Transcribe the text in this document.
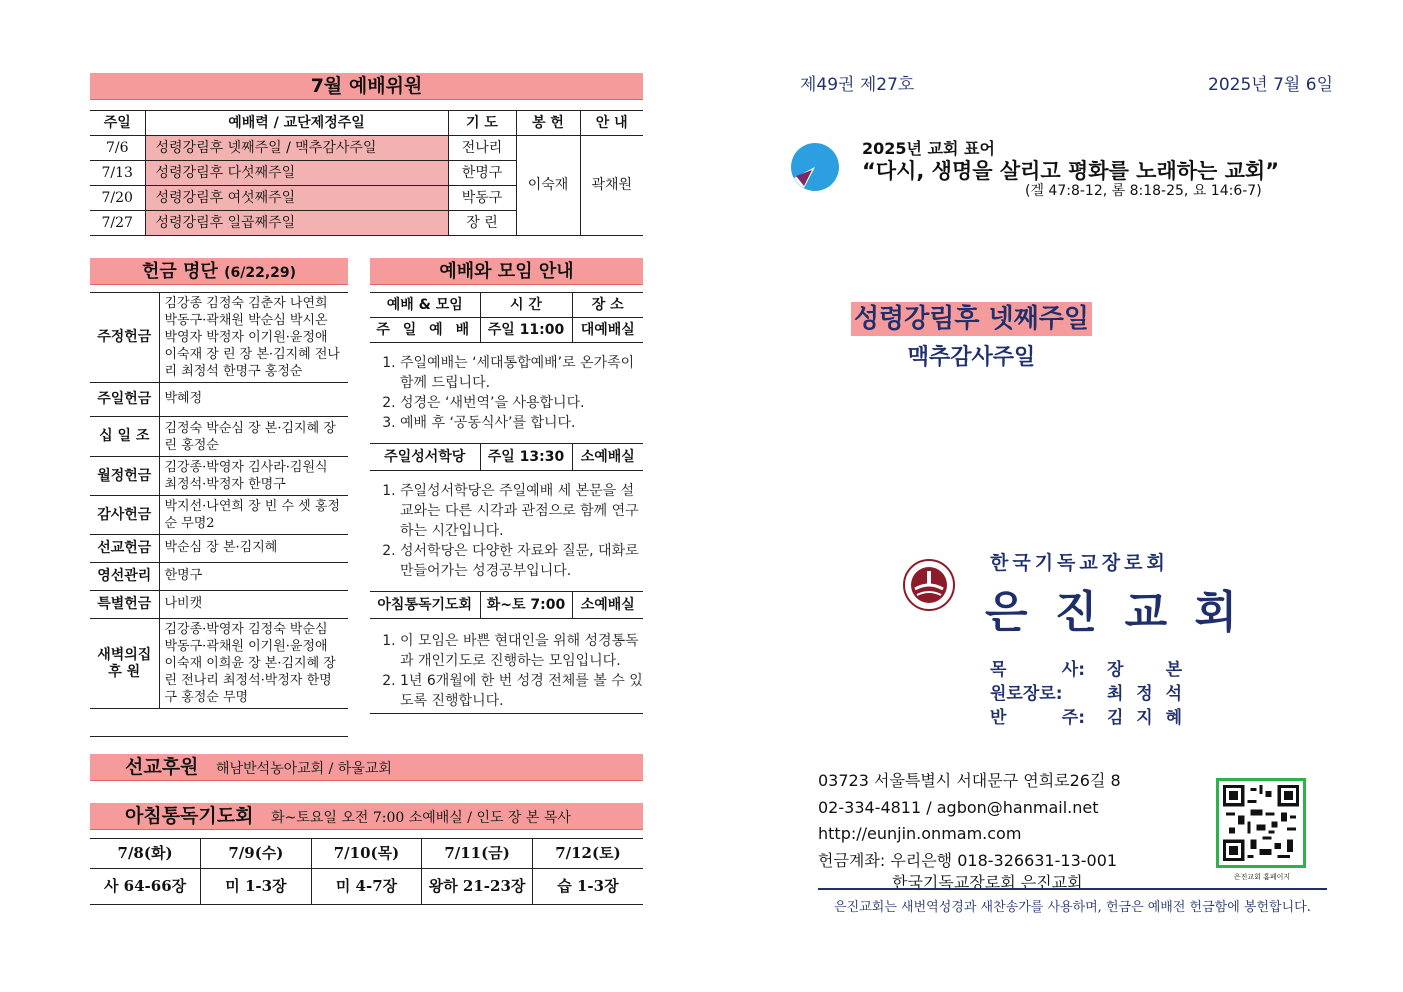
7월 예배위원
주일	예배력 / 교단제정주일	기 도	봉 헌	안 내
7/6	성령강림후 넷째주일 / 맥추감사주일	전나리	이숙재	곽채원
7/13	성령강림후 다섯째주일	한명구		
7/20	성령강림후 여섯째주일	박동구		
7/27	성령강림후 일곱째주일	장 린		
헌금 명단 (6/22,29)
주정헌금	김강종 김정숙 김춘자 나연희 박동구·곽채원 박순심 박시온 박영자 박정자 이기원·윤정애 이숙재 장 린 장 본·김지혜 전나리 최정석 한명구 홍정순
주일헌금	박혜정
십 일 조	김정숙 박순심 장 본·김지혜 장 린 홍정순
월정헌금	김강종·박영자 김사라·김원식 최정석·박정자 한명구
감사헌금	박지선·나연희 장 빈 수 셋 홍정순 무명2
선교헌금	박순심 장 본·김지혜
영선관리	한명구
특별헌금	나비캣
새벽의집 후 원	김강종·박영자 김정숙 박순심 박동구·곽채원 이기원·윤정애 이숙재 이희윤 장 본·김지혜 장 린 전나리 최정석·박정자 한명구 홍정순 무명
예배와 모임 안내
예배 & 모임	시 간	장 소
주 일 예 배	주일 11:00	대예배실
1. 주일예배는 ‘세대통합예배’로 온가족이 함께 드립니다.
2. 성경은 ‘새번역’을 사용합니다.
3. 예배 후 ‘공동식사’를 합니다.
주일성서학당	주일 13:30	소예배실
1. 주일성서학당은 주일예배 세 본문을 설교와는 다른 시각과 관점으로 함께 연구하는 시간입니다.
2. 성서학당은 다양한 자료와 질문, 대화로 만들어가는 성경공부입니다.
아침통독기도회	화~토 7:00	소예배실
1. 이 모임은 바쁜 현대인을 위해 성경통독과 개인기도로 진행하는 모임입니다.
2. 1년 6개월에 한 번 성경 전체를 볼 수 있도록 진행합니다.
선교후원 해남반석농아교회 / 하울교회
아침통독기도회 화~토요일 오전 7:00 소예배실 / 인도 장 본 목사
7/8(화)	7/9(수)	7/10(목)	7/11(금)	7/12(토)
사 64-66장	미 1-3장	미 4-7장	왕하 21-23장	습 1-3장
제49권 제27호	2025년 7월 6일
2025년 교회 표어
“다시, 생명을 살리고 평화를 노래하는 교회”
(겔 47:8-12, 롬 8:18-25, 요 14:6-7)
성령강림후 넷째주일
맥추감사주일
한국기독교장로회
은 진 교 회
목 사: 장 본
원로장로:	최 정 석
반 주: 김 지 혜
03723 서울특별시 서대문구 연희로26길 8
02-334-4811 / agbon@hanmail.net
http://eunjin.onmam.com
헌금계좌: 우리은행 018-326631-13-001
한국기독교장로회 은진교회	은진교회 홈페이지
은진교회는 새번역성경과 새찬송가를 사용하며, 헌금은 예배전 헌금함에 봉헌합니다.
